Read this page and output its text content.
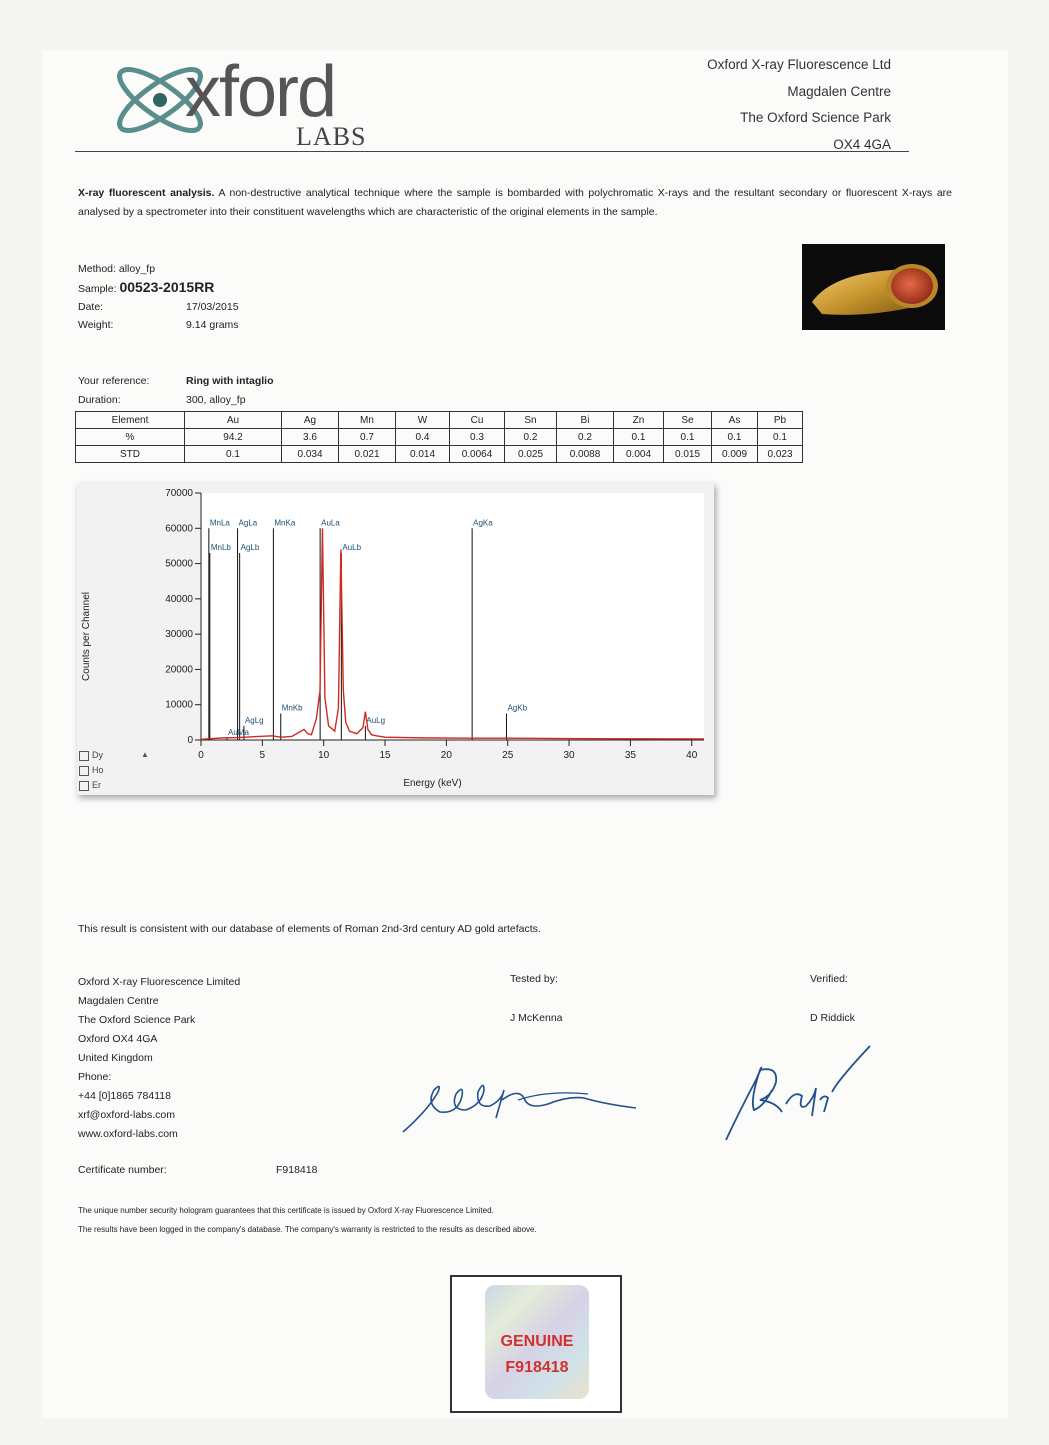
xford
LABS
Oxford X-ray Fluorescence Ltd
Magdalen Centre
The Oxford Science Park
OX4 4GA
X-ray fluorescent analysis. A non-destructive analytical technique where the sample is bombarded with polychromatic X-rays and the resultant secondary or fluorescent X-rays are analysed by a spectrometer into their constituent wavelengths which are characteristic of the original elements in the sample.
Method: alloy_fp
Sample: 00523-2015RR
Date:	17/03/2015
Weight:	9.14 grams
Your reference:	Ring with intaglio
Duration:	300, alloy_fp
Element	Au	Ag	Mn	W	Cu	Sn	Bi	Zn	Se	As	Pb
%	94.2	3.6	0.7	0.4	0.3	0.2	0.2	0.1	0.1	0.1	0.1
STD	0.1	0.034	0.021	0.014	0.0064	0.025	0.0088	0.004	0.015	0.009	0.023
0
10000
20000
30000
40000
50000
60000
70000
0	5	10	15	20	25	30	35	40
Energy (keV)
Counts per Channel
MnLa
MnLb
AgLa
AgLb
MnKa	AuLa
AuLb
AgKa
AgLg
MnKb
AuLg
AgKb
AuMa
Dy
Ho
Er
▲
This result is consistent with our database of elements of Roman 2nd-3rd century AD gold artefacts.
Oxford X-ray Fluorescence Limited
Magdalen Centre
The Oxford Science Park
Oxford OX4 4GA
United Kingdom
Phone:
+44 [0]1865 784118
xrf@oxford-labs.com
www.oxford-labs.com
Tested by:
J McKenna
Verified:
D Riddick
Certificate number:	F918418
The unique number security hologram guarantees that this certificate is issued by Oxford X-ray Fluorescence Limited.
The results have been logged in the company's database. The company's warranty is restricted to the results as described above.
GENUINE
F918418
